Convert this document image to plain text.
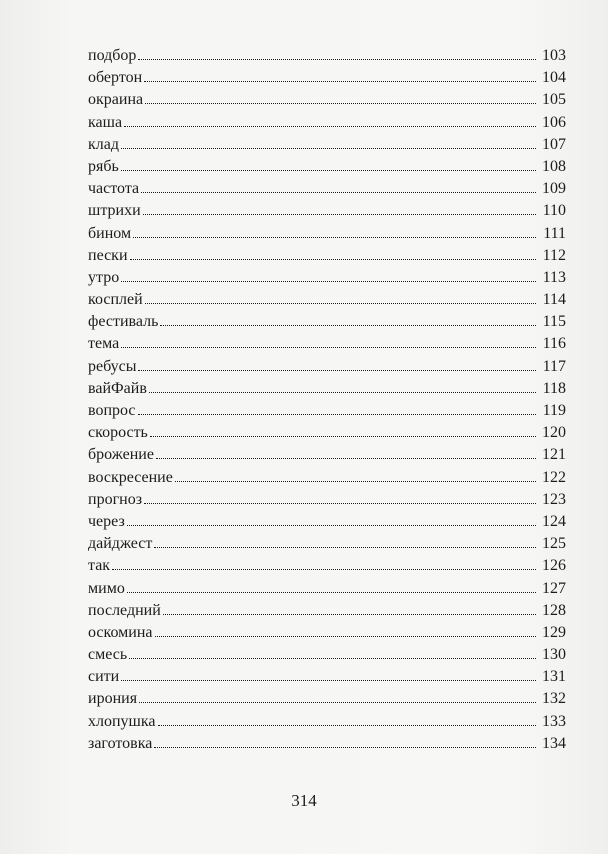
подбор	103
обертон	104
окраина	105
каша	106
клад	107
рябь	108
частота	109
штрихи	110
бином	111
пески	112
утро	113
косплей	114
фестиваль	115
тема	116
ребусы	117
вайФайв	118
вопрос	119
скорость	120
брожение	121
воскресение	122
прогноз	123
через	124
дайджест	125
так	126
мимо	127
последний	128
оскомина	129
смесь	130
сити	131
ирония	132
хлопушка	133
заготовка	134
314
